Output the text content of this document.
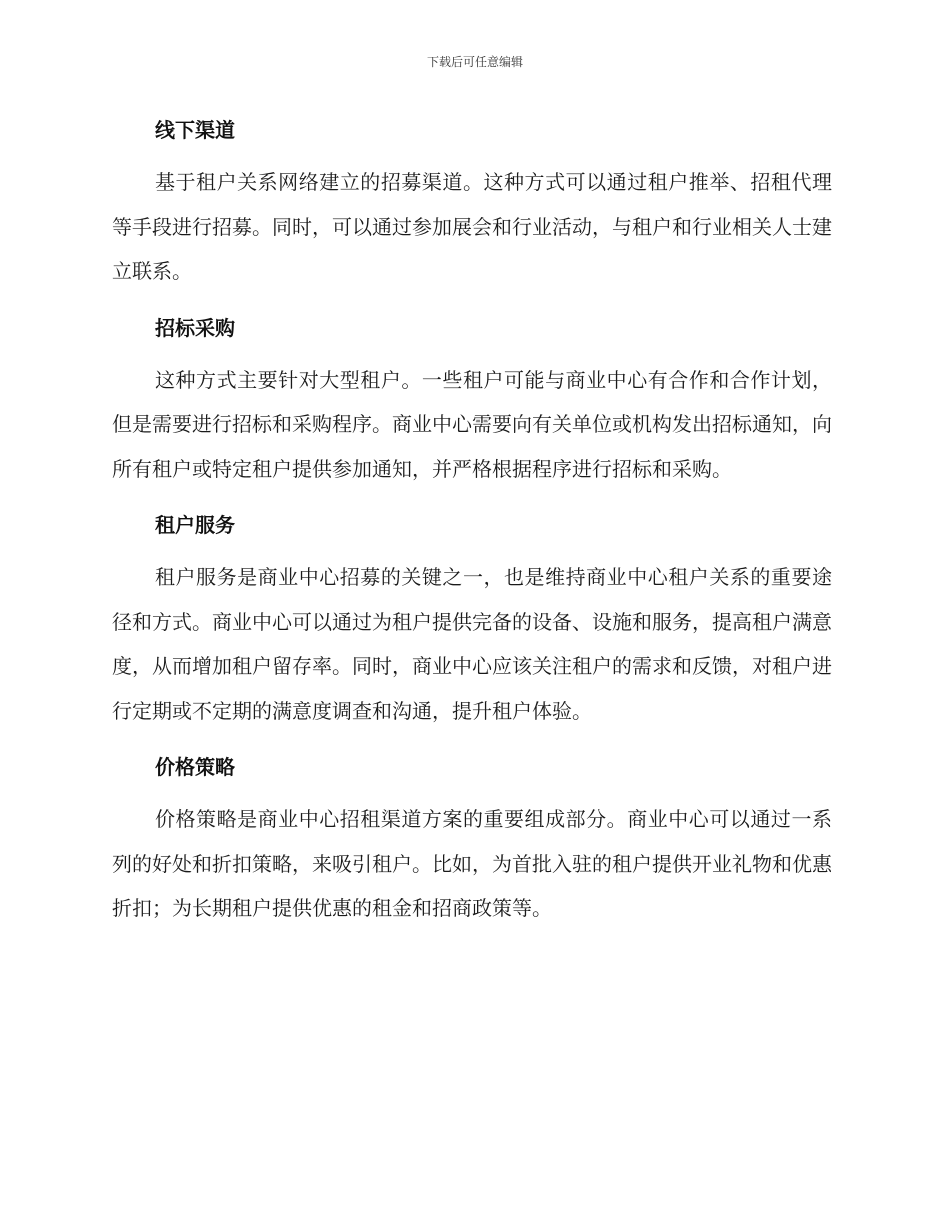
下载后可任意编辑
线下渠道

基于租户关系网络建立的招募渠道。这种方式可以通过租户推举、招租代理等手段进行招募。同时，可以通过参加展会和行业活动，与租户和行业相关人士建立联系。

招标采购

这种方式主要针对大型租户。一些租户可能与商业中心有合作和合作计划，但是需要进行招标和采购程序。商业中心需要向有关单位或机构发出招标通知，向所有租户或特定租户提供参加通知，并严格根据程序进行招标和采购。

租户服务

租户服务是商业中心招募的关键之一，也是维持商业中心租户关系的重要途径和方式。商业中心可以通过为租户提供完备的设备、设施和服务，提高租户满意度，从而增加租户留存率。同时，商业中心应该关注租户的需求和反馈，对租户进行定期或不定期的满意度调查和沟通，提升租户体验。

价格策略

价格策略是商业中心招租渠道方案的重要组成部分。商业中心可以通过一系列的好处和折扣策略，来吸引租户。比如，为首批入驻的租户提供开业礼物和优惠折扣；为长期租户提供优惠的租金和招商政策等。
